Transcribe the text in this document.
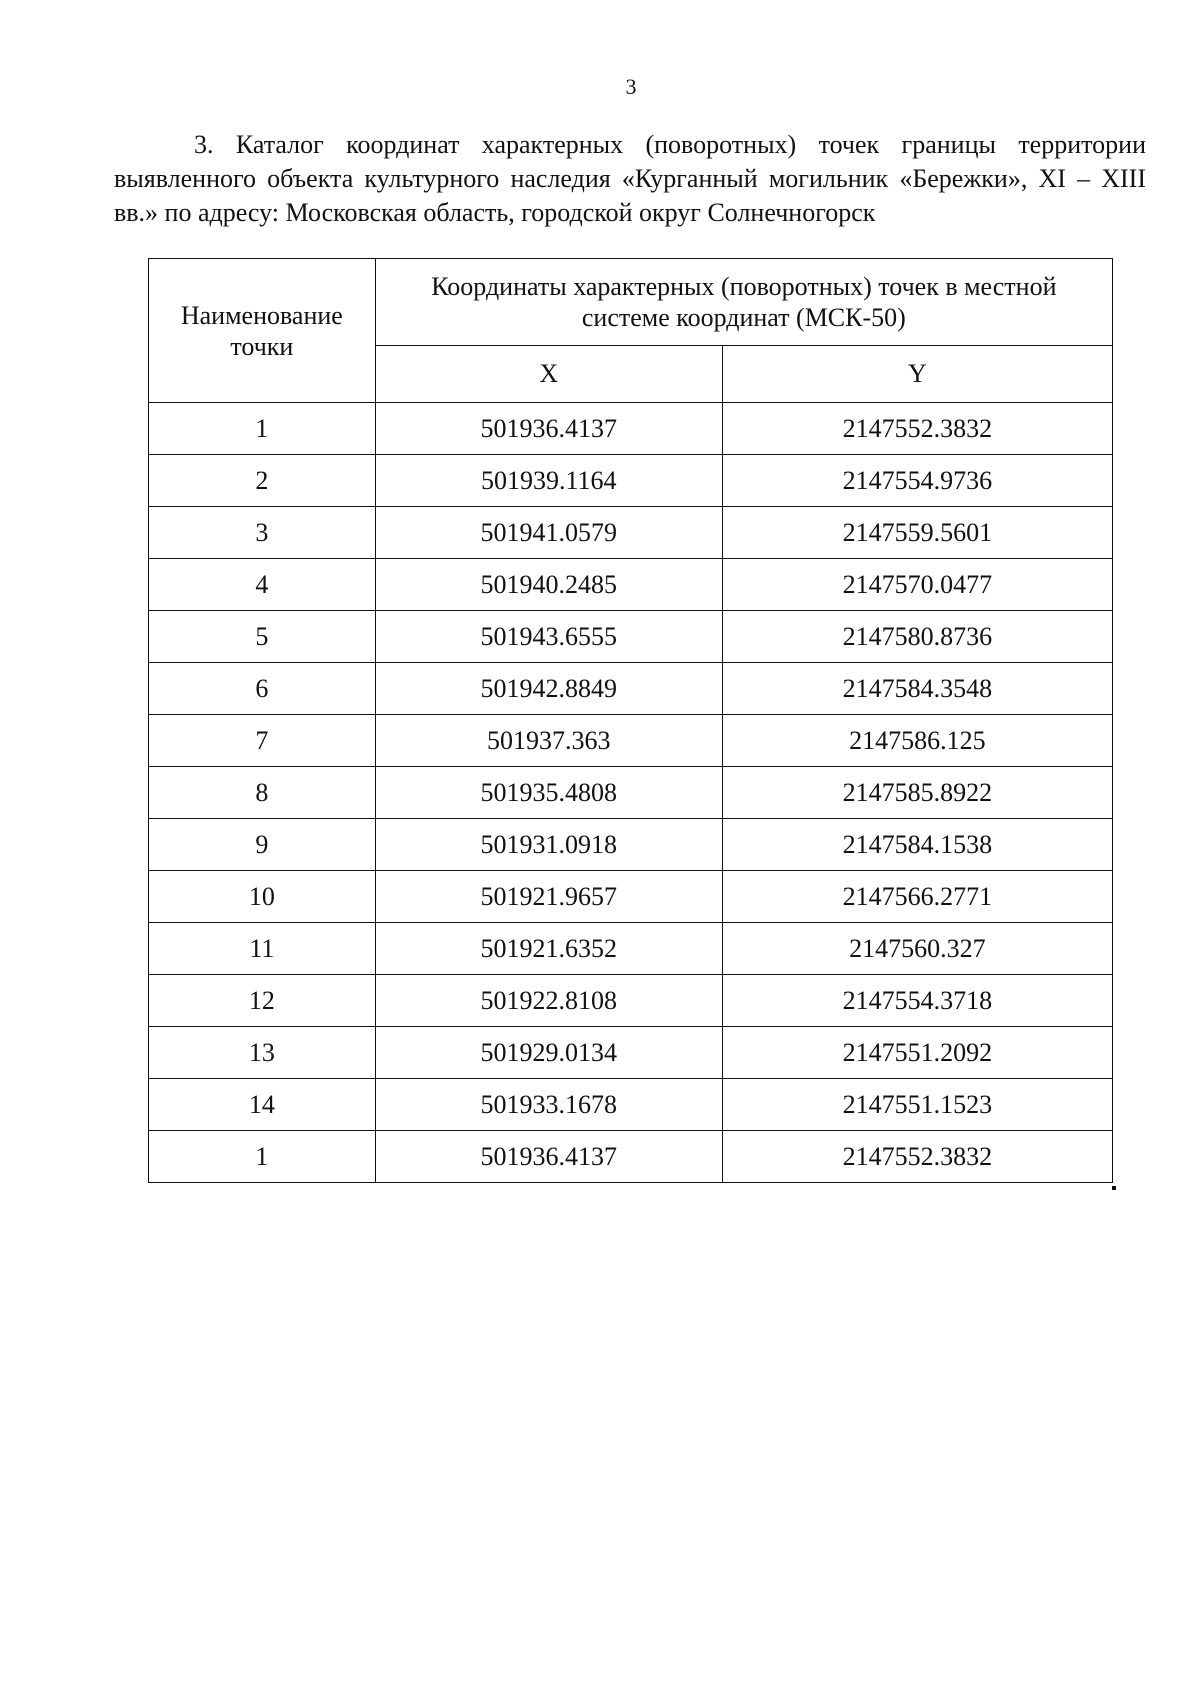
3

3. Каталог координат характерных (поворотных) точек границы территории выявленного объекта культурного наследия «Курганный могильник «Бережки», XI – XIII вв.» по адресу: Московская область, городской округ Солнечногорск

Наименование точки	Координаты характерных (поворотных) точек в местной системе координат (МСК-50)	
	X	Y
1	501936.4137	2147552.3832
2	501939.1164	2147554.9736
3	501941.0579	2147559.5601
4	501940.2485	2147570.0477
5	501943.6555	2147580.8736
6	501942.8849	2147584.3548
7	501937.363	2147586.125
8	501935.4808	2147585.8922
9	501931.0918	2147584.1538
10	501921.9657	2147566.2771
11	501921.6352	2147560.327
12	501922.8108	2147554.3718
13	501929.0134	2147551.2092
14	501933.1678	2147551.1523
1	501936.4137	2147552.3832
